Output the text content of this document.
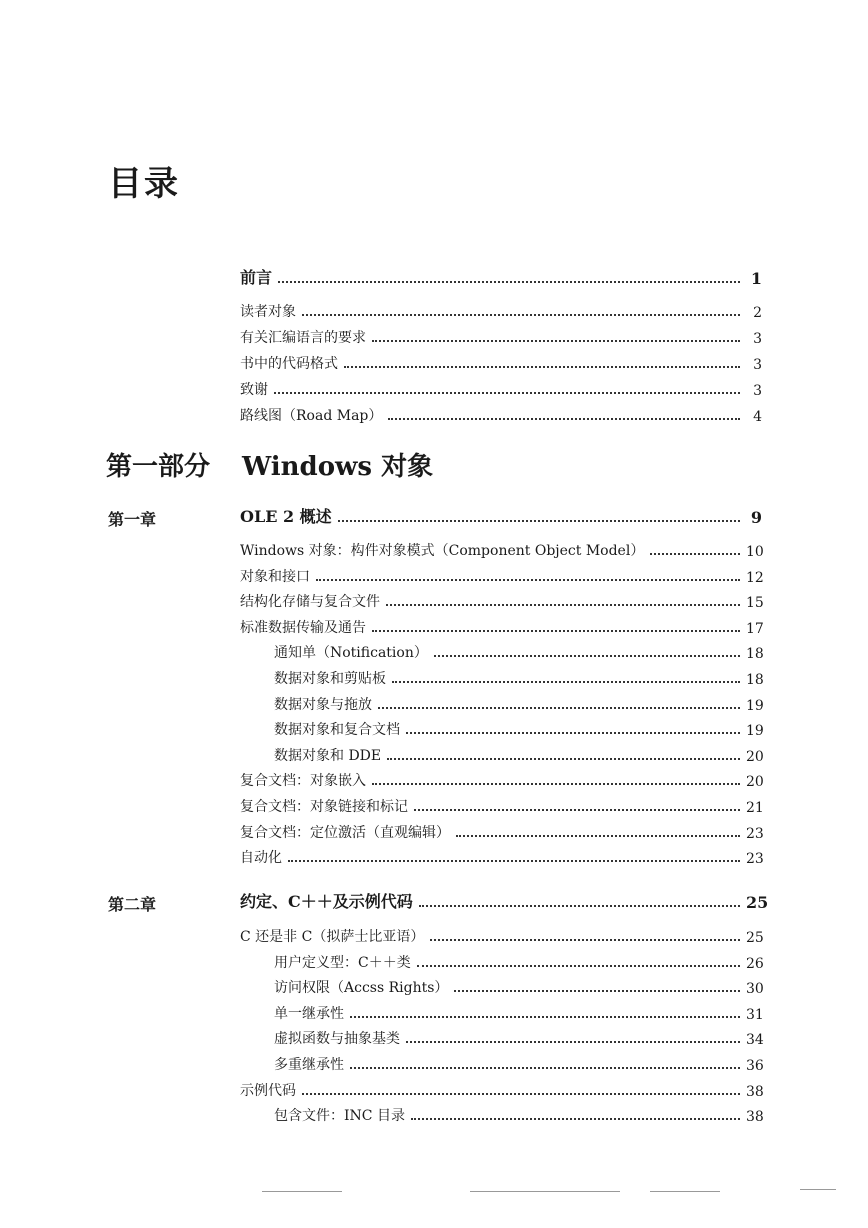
目录
前言	1
读者对象	2
有关汇编语言的要求	3
书中的代码格式	3
致谢	3
路线图（Road Map）	4
第一部分 Windows 对象
第一章	OLE 2 概述	9
Windows 对象：构件对象模式（Component Object Model）	10
对象和接口	12
结构化存储与复合文件	15
标准数据传输及通告	17
通知单（Notification）	18
数据对象和剪贴板	18
数据对象与拖放	19
数据对象和复合文档	19
数据对象和 DDE	20
复合文档：对象嵌入	20
复合文档：对象链接和标记	21
复合文档：定位激活（直观编辑）	23
自动化	23
第二章	约定、C＋＋及示例代码	25
C 还是非 C（拟萨士比亚语）	25
用户定义型：C＋＋类	26
访问权限（Accss Rights）	30
单一继承性	31
虚拟函数与抽象基类	34
多重继承性	36
示例代码	38
包含文件：INC 目录	38
